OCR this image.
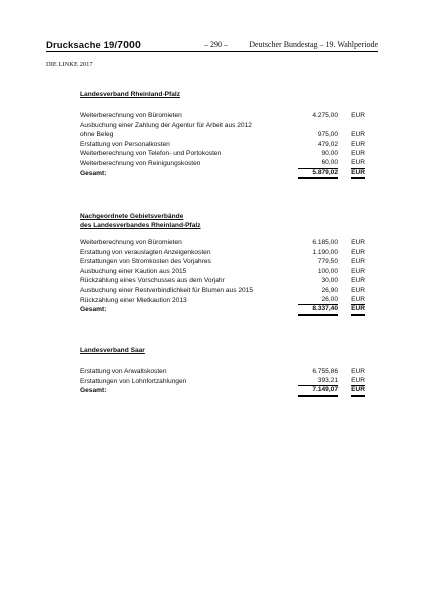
Drucksache 19/7000	– 290 –	Deutscher Bundestag – 19. Wahlperiode
DIE LINKE 2017
Landesverband Rheinland-Pfalz
Weiterberechnung von Büromieten	4.275,00 EUR
Ausbuchung einer Zahlung der Agentur für Arbeit aus 2012
ohne Beleg	975,00 EUR
Erstattung von Personalkosten	479,02 EUR
Weiterberechnung von Telefon- und Portokosten	90,00 EUR
Weiterberechnung von Reinigungskosten	60,00 EUR
Gesamt:	5.879,02 EUR
Nachgeordnete Gebietsverbände
des Landesverbandes Rheinland-Pfalz
Weiterberechnung von Büromieten	6.185,00 EUR
Erstattung von verauslagten Anzeigenkosten	1.190,00 EUR
Erstattungen von Stromkosten des Vorjahres	779,50 EUR
Ausbuchung einer Kaution aus 2015	100,00 EUR
Rückzahlung eines Vorschusses aus dem Vorjahr	30,00 EUR
Ausbuchung einer Restverbindlichkeit für Blumen aus 2015	26,90 EUR
Rückzahlung einer Mietkaution 2013	26,00 EUR
Gesamt:	8.337,40 EUR
Landesverband Saar
Erstattung von Anwaltskosten	6.755,86 EUR
Erstattungen von Lohnfortzahlungen	393,21 EUR
Gesamt:	7.149,07 EUR
